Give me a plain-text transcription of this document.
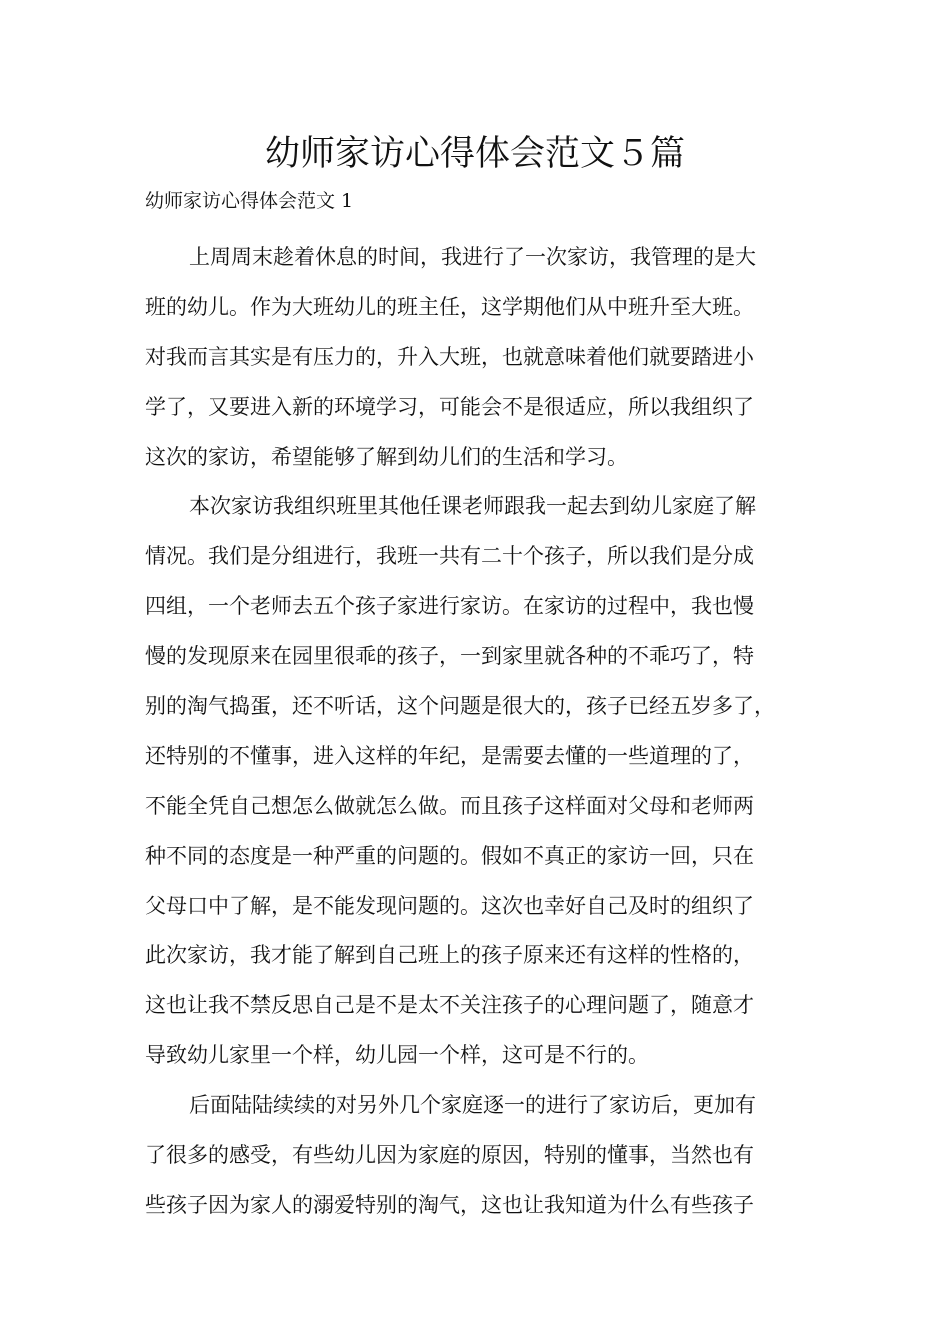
幼师家访心得体会范文５篇

幼师家访心得体会范文 1

上周周末趁着休息的时间，我进行了一次家访，我管理的是大
班的幼儿。作为大班幼儿的班主任，这学期他们从中班升至大班。
对我而言其实是有压力的，升入大班，也就意味着他们就要踏进小
学了，又要进入新的环境学习，可能会不是很适应，所以我组织了
这次的家访，希望能够了解到幼儿们的生活和学习。
本次家访我组织班里其他任课老师跟我一起去到幼儿家庭了解
情况。我们是分组进行，我班一共有二十个孩子，所以我们是分成
四组，一个老师去五个孩子家进行家访。在家访的过程中，我也慢
慢的发现原来在园里很乖的孩子，一到家里就各种的不乖巧了，特
别的淘气捣蛋，还不听话，这个问题是很大的，孩子已经五岁多了，
还特别的不懂事，进入这样的年纪，是需要去懂的一些道理的了，
不能全凭自己想怎么做就怎么做。而且孩子这样面对父母和老师两
种不同的态度是一种严重的问题的。假如不真正的家访一回，只在
父母口中了解，是不能发现问题的。这次也幸好自己及时的组织了
此次家访，我才能了解到自己班上的孩子原来还有这样的性格的，
这也让我不禁反思自己是不是太不关注孩子的心理问题了，随意才
导致幼儿家里一个样，幼儿园一个样，这可是不行的。
后面陆陆续续的对另外几个家庭逐一的进行了家访后，更加有
了很多的感受，有些幼儿因为家庭的原因，特别的懂事，当然也有
些孩子因为家人的溺爱特别的淘气，这也让我知道为什么有些孩子
